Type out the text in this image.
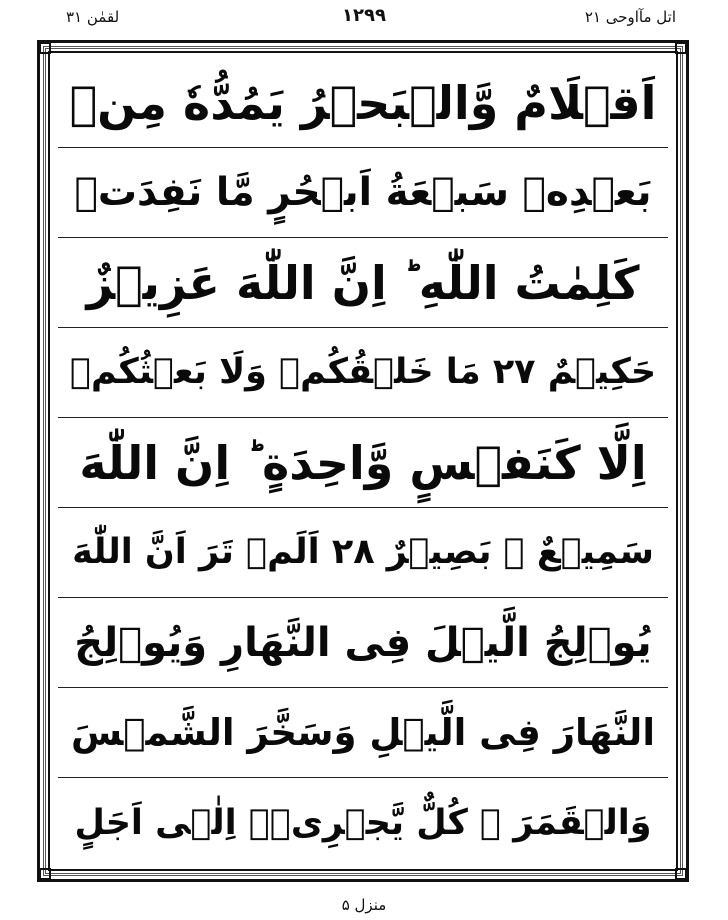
اتل مآاوحی ۲۱
۱۲۹۹
لقمٰن ۳۱
اَقۡلَامٌ وَّالۡبَحۡرُ يَمُدُّهٗ مِنۡ
بَعۡدِهٖ سَبۡعَةُ اَبۡحُرٍ مَّا نَفِدَتۡ
كَلِمٰتُ اللّٰهِ ؕ اِنَّ اللّٰهَ عَزِيۡزٌ
حَكِيۡمٌ ۲۷ مَا خَلۡقُكُمۡ وَلَا بَعۡثُكُمۡ
اِلَّا كَنَفۡسٍ وَّاحِدَةٍ ؕ اِنَّ اللّٰهَ
سَمِيۡعٌ ۢ بَصِيۡرٌ ۲۸ اَلَمۡ تَرَ اَنَّ اللّٰهَ
يُوۡلِجُ الَّيۡلَ فِى النَّهَارِ وَيُوۡلِجُ
النَّهَارَ فِى الَّيۡلِ وَسَخَّرَ الشَّمۡسَ
وَالۡقَمَرَ ۖ كُلٌّ يَّجۡرِىۡۤ اِلٰۤى اَجَلٍ
منزل ۵
